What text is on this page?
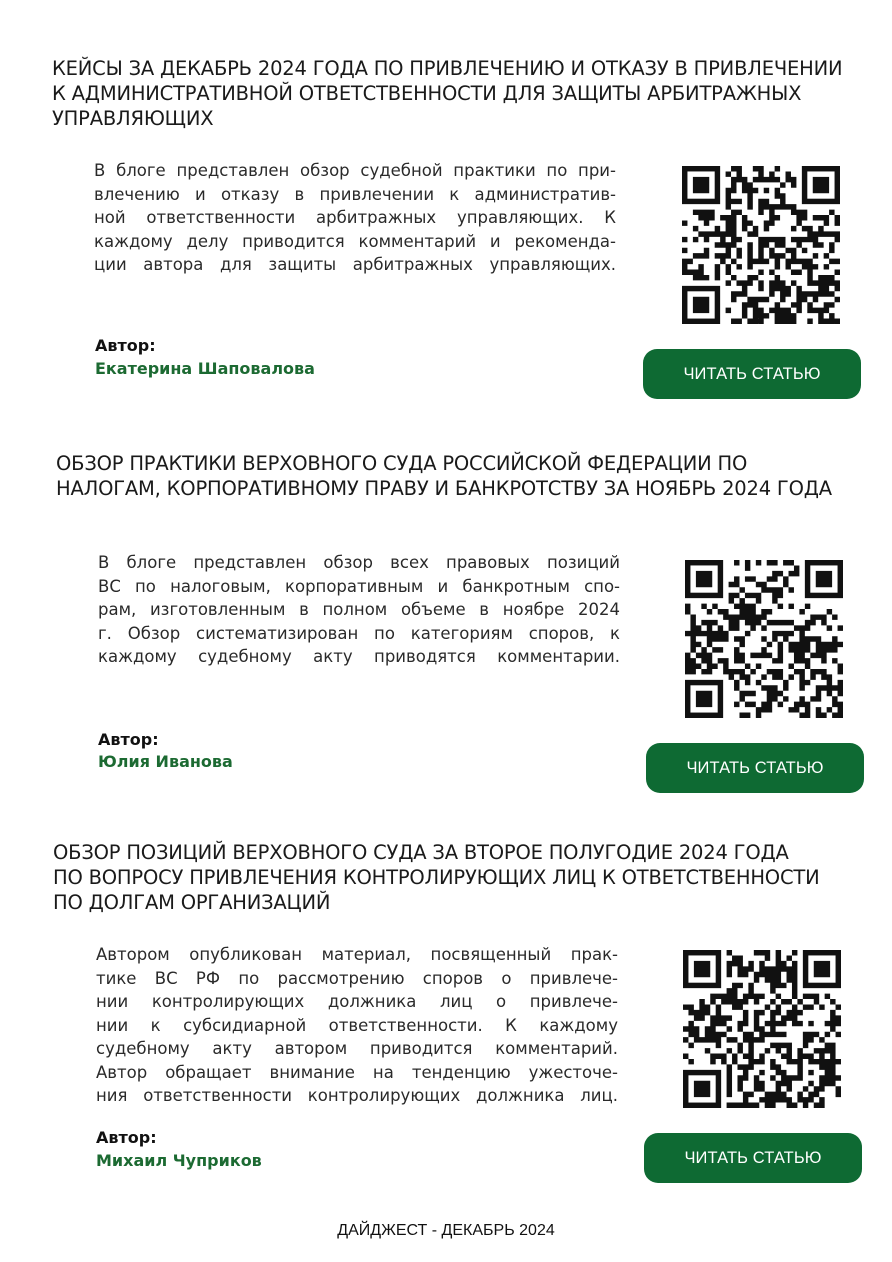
КЕЙСЫ ЗА ДЕКАБРЬ 2024 ГОДА ПО ПРИВЛЕЧЕНИЮ И ОТКАЗУ В ПРИВЛЕЧЕНИИ
К АДМИНИСТРАТИВНОЙ ОТВЕТСТВЕННОСТИ ДЛЯ ЗАЩИТЫ АРБИТРАЖНЫХ
УПРАВЛЯЮЩИХ
В блоге представлен обзор судебной практики по при-
влечению и отказу в привлечении к административ-
ной ответственности арбитражных управляющих. К
каждому делу приводится комментарий и рекоменда-
ции автора для защиты арбитражных управляющих.
Автор:
Екатерина Шаповалова	ЧИТАТЬ СТАТЬЮ
ОБЗОР ПРАКТИКИ ВЕРХОВНОГО СУДА РОССИЙСКОЙ ФЕДЕРАЦИИ ПО
НАЛОГАМ, КОРПОРАТИВНОМУ ПРАВУ И БАНКРОТСТВУ ЗА НОЯБРЬ 2024 ГОДА
В блоге представлен обзор всех правовых позиций
ВС по налоговым, корпоративным и банкротным спо-
рам, изготовленным в полном объеме в ноябре 2024
г. Обзор систематизирован по категориям споров, к
каждому судебному акту приводятся комментарии.
Автор:
Юлия Иванова	ЧИТАТЬ СТАТЬЮ
ОБЗОР ПОЗИЦИЙ ВЕРХОВНОГО СУДА ЗА ВТОРОЕ ПОЛУГОДИЕ 2024 ГОДА
ПО ВОПРОСУ ПРИВЛЕЧЕНИЯ КОНТРОЛИРУЮЩИХ ЛИЦ К ОТВЕТСТВЕННОСТИ
ПО ДОЛГАМ ОРГАНИЗАЦИЙ
Автором опубликован материал, посвященный прак-
тике ВС РФ по рассмотрению споров о привлече-
нии контролирующих должника лиц о привлече-
нии к субсидиарной ответственности. К каждому
судебному акту автором приводится комментарий.
Автор обращает внимание на тенденцию ужесточе-
ния ответственности контролирующих должника лиц.
Автор:
Михаил Чуприков	ЧИТАТЬ СТАТЬЮ
ДАЙДЖЕСТ - ДЕКАБРЬ 2024
